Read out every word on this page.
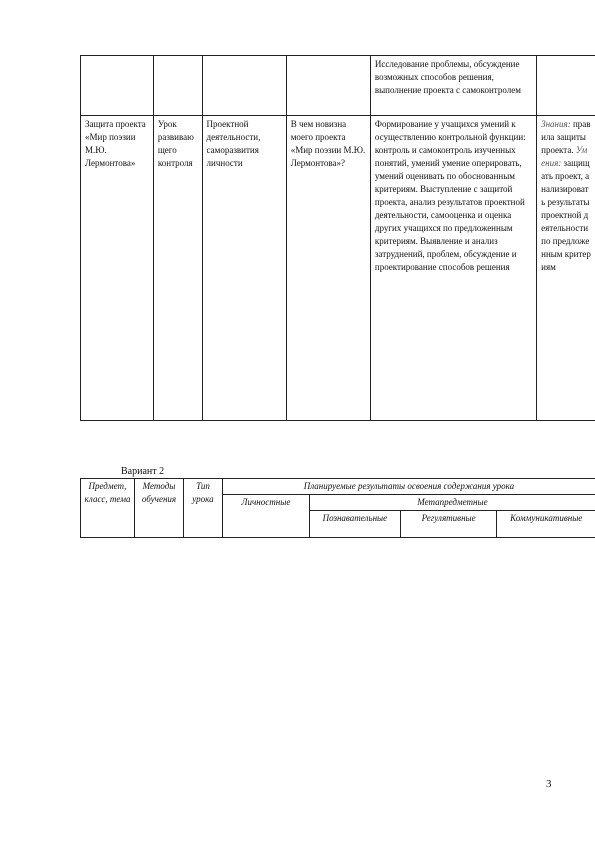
				Исследование проблемы, обсуждение возможных способов решения, выполнение проекта с самоконтролем	
Защита проекта «Мир поэзии М.Ю. Лермонтова»	Урок развивающего контроля	Проектной деятельности, саморазвития личности	В чем новизна моего проекта «Мир поэзии М.Ю. Лермонтова»?	Формирование у учащихся умений к осуществлению контрольной функции: контроль и самоконтроль изученных понятий, умений умение оперировать, умений оценивать по обоснованным критериям. Выступление с защитой проекта, анализ результатов проектной деятельности, самооценка и оценка других учащихся по предложенным критериям. Выявление и анализ затруднений, проблем, обсуждение и проектирование способов решения	Знания: правила защиты проекта. Умения: защищать проект, анализировать результаты проектной деятельности по предложенным критериям
Вариант 2
Предмет, класс, тема	Методы обучения	Тип урока	Планируемые результаты освоения содержания урока			
			Личностные	Метапредметные		
				Познавательные	Регулятивные	Коммуникативные
3
